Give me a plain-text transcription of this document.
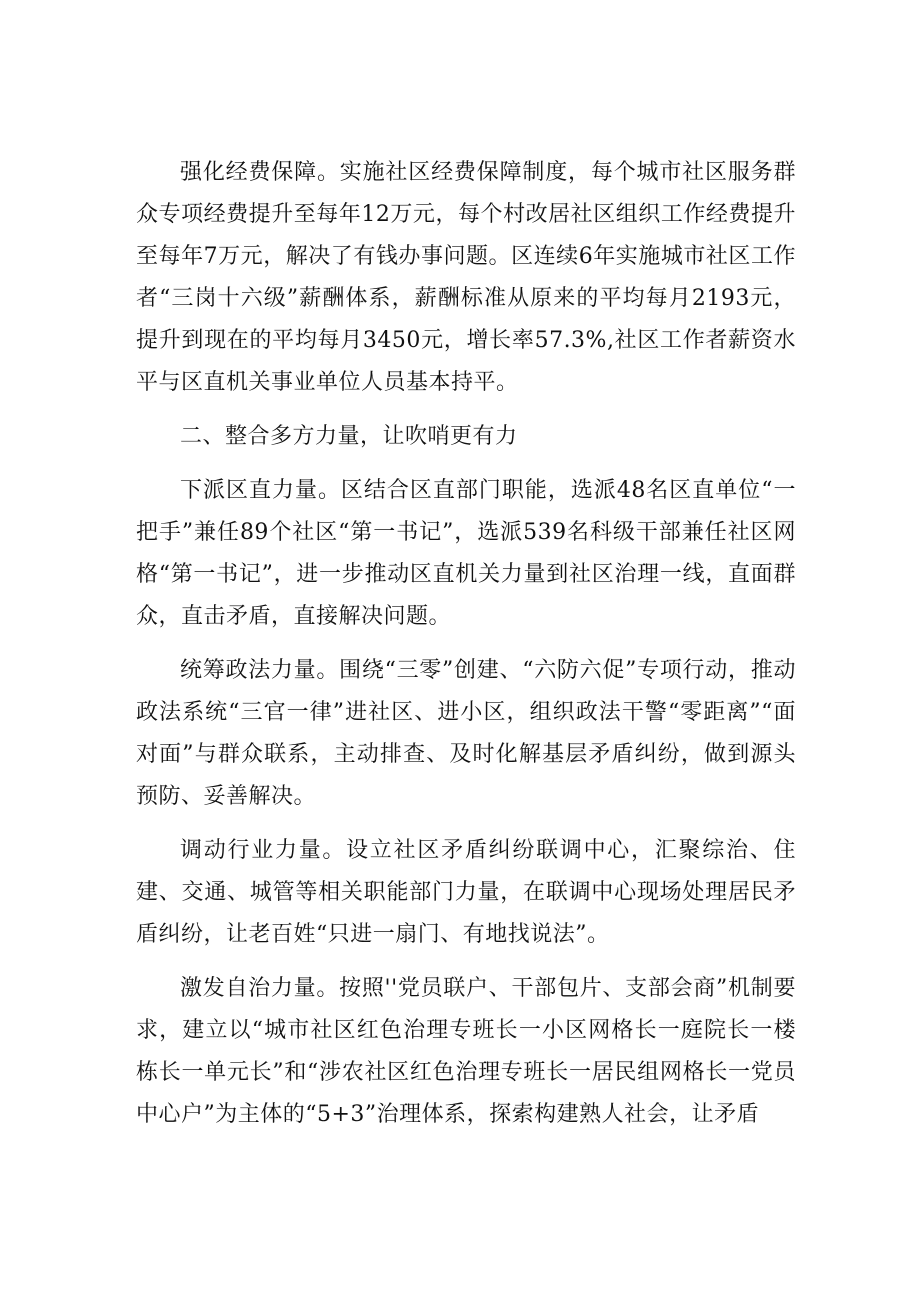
强化经费保障。实施社区经费保障制度，每个城市社区服务群众专项经费提升至每年12万元，每个村改居社区组织工作经费提升至每年7万元，解决了有钱办事问题。区连续6年实施城市社区工作者“三岗十六级”薪酬体系，薪酬标准从原来的平均每月2193元，提升到现在的平均每月3450元，增长率57.3%,社区工作者薪资水平与区直机关事业单位人员基本持平。

二、整合多方力量，让吹哨更有力

下派区直力量。区结合区直部门职能，选派48名区直单位“一把手”兼任89个社区“第一书记”，选派539名科级干部兼任社区网格“第一书记”，进一步推动区直机关力量到社区治理一线，直面群众，直击矛盾，直接解决问题。

统筹政法力量。围绕“三零”创建、“六防六促”专项行动，推动政法系统“三官一律”进社区、进小区，组织政法干警“零距离”“面对面”与群众联系，主动排查、及时化解基层矛盾纠纷，做到源头预防、妥善解决。

调动行业力量。设立社区矛盾纠纷联调中心，汇聚综治、住建、交通、城管等相关职能部门力量，在联调中心现场处理居民矛盾纠纷，让老百姓“只进一扇门、有地找说法”。

激发自治力量。按照''党员联户、干部包片、支部会商”机制要求，建立以“城市社区红色治理专班长一小区网格长一庭院长一楼栋长一单元长”和“涉农社区红色治理专班长一居民组网格长一党员中心户”为主体的“5+3”治理体系，探索构建熟人社会，让矛盾
